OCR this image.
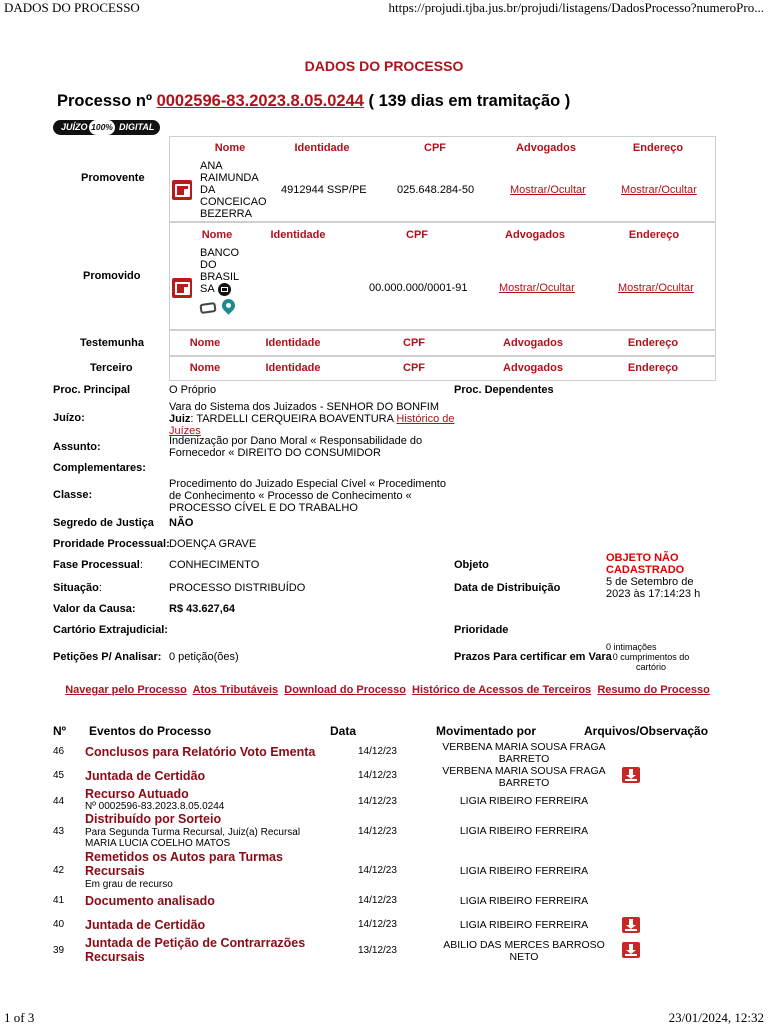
DADOS DO PROCESSO	https://projudi.tjba.jus.br/projudi/listagens/DadosProcesso?numeroPro...
DADOS DO PROCESSO
Processo nº 0002596-83.2023.8.05.0244 ( 139 dias em tramitação )
JUÍZO 100% DIGITAL
Promovente
Nome	Identidade	CPF	Advogados	Endereço
ANA
RAIMUNDA
DA
CONCEICAO
BEZERRA
4912944 SSP/PE	025.648.284-50	Mostrar/Ocultar	Mostrar/Ocultar
Promovido
Nome	Identidade	CPF	Advogados	Endereço
BANCO
DO
BRASIL
SA	00.000.000/0001-91	Mostrar/Ocultar	Mostrar/Ocultar
Testemunha	Nome	Identidade	CPF	Advogados	Endereço
Terceiro	Nome	Identidade	CPF	Advogados	Endereço
Proc. Principal	O Próprio	Proc. Dependentes
Juízo:
Vara do Sistema dos Juizados - SENHOR DO BONFIM
Juiz: TARDELLI CERQUEIRA BOAVENTURA Histórico de Juízes
Assunto:	Indenização por Dano Moral « Responsabilidade do Fornecedor « DIREITO DO CONSUMIDOR
Complementares:
Classe:
Procedimento do Juizado Especial Cível « Procedimento de Conhecimento « Processo de Conhecimento « PROCESSO CÍVEL E DO TRABALHO
Segredo de Justiça NÃO
Proridade Processual: DOENÇA GRAVE
Fase Processual: CONHECIMENTO	Objeto
OBJETO NÃO CADASTRADO
Situação:	PROCESSO DISTRIBUÍDO	Data de Distribuição	5 de Setembro de 2023 às 17:14:23 h
Valor da Causa:	R$ 43.627,64
Cartório Extrajudicial:	Prioridade
Petições P/ Analisar: 0 petição(ões)	Prazos Para certificar em Vara
0 intimações
0 cumprimentos do cartório
Navegar pelo Processo Atos Tributáveis Download do Processo Histórico de Acessos de Terceiros Resumo do Processo
Nº Eventos do Processo	Data	Movimentado por	Arquivos/Observação
46 Conclusos para Relatório Voto Ementa	14/12/23	VERBENA MARIA SOUSA FRAGA BARRETO
45 Juntada de Certidão	14/12/23	VERBENA MARIA SOUSA FRAGA BARRETO
44
Recurso Autuado
Nº 0002596-83.2023.8.05.0244	14/12/23	LIGIA RIBEIRO FERREIRA
43
Distribuído por Sorteio
Para Segunda Turma Recursal, Juiz(a) Recursal MARIA LUCIA COELHO MATOS
14/12/23	LIGIA RIBEIRO FERREIRA
42
Remetidos os Autos para Turmas Recursais
Em grau de recurso
14/12/23	LIGIA RIBEIRO FERREIRA
41 Documento analisado	14/12/23	LIGIA RIBEIRO FERREIRA
40 Juntada de Certidão	14/12/23	LIGIA RIBEIRO FERREIRA
39
Juntada de Petição de Contrarrazões Recursais	13/12/23	ABILIO DAS MERCES BARROSO NETO
1 of 3	23/01/2024, 12:32
